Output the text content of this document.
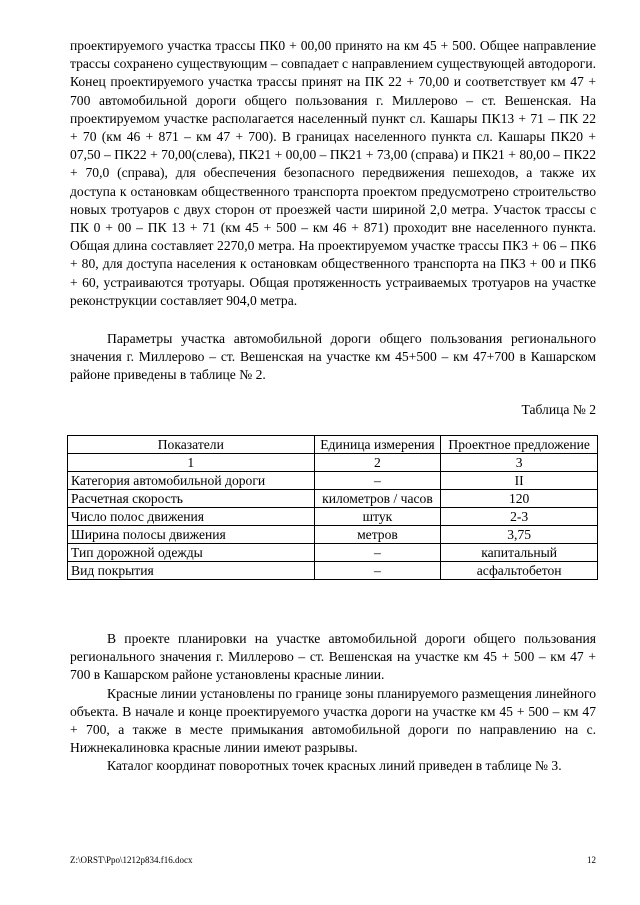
проектируемого участка трассы ПК0 + 00,00 принято на км 45 + 500. Общее направление трассы сохранено существующим – совпадает с направлением существующей автодороги. Конец проектируемого участка трассы принят на ПК 22 + 70,00 и соответствует км 47 + 700 автомобильной дороги общего пользования г. Миллерово – ст. Вешенская. На проектируемом участке располагается населенный пункт сл. Кашары ПК13 + 71 – ПК 22 + 70 (км 46 + 871 – км 47 + 700). В границах населенного пункта сл. Кашары ПК20 + 07,50 – ПК22 + 70,00(слева), ПК21 + 00,00 – ПК21 + 73,00 (справа) и ПК21 + 80,00 – ПК22 + 70,0 (справа), для обеспечения безопасного передвижения пешеходов, а также их доступа к остановкам общественного транспорта проектом предусмотрено строительство новых тротуаров с двух сторон от проезжей части шириной 2,0 метра. Участок трассы с ПК 0 + 00 – ПК 13 + 71 (км 45 + 500 – км 46 + 871) проходит вне населенного пункта. Общая длина составляет 2270,0 метра. На проектируемом участке трассы ПК3 + 06 – ПК6 + 80, для доступа населения к остановкам общественного транспорта на ПК3 + 00 и ПК6 + 60, устраиваются тротуары. Общая протяженность устраиваемых тротуаров на участке реконструкции составляет 904,0 метра.

Параметры участка автомобильной дороги общего пользования регионального значения г. Миллерово – ст. Вешенская на участке км 45+500 – км 47+700 в Кашарском районе приведены в таблице № 2.

Таблица № 2
Показатели	Единица измерения	Проектное предложение
1	2	3
Категория автомобильной дороги	–	II
Расчетная скорость	километров / часов	120
Число полос движения	штук	2-3
Ширина полосы движения	метров	3,75
Тип дорожной одежды	–	капитальный
Вид покрытия	–	асфальтобетон

В проекте планировки на участке автомобильной дороги общего пользования регионального значения г. Миллерово – ст. Вешенская на участке км 45 + 500 – км 47 + 700 в Кашарском районе установлены красные линии.

Красные линии установлены по границе зоны планируемого размещения линейного объекта. В начале и конце проектируемого участка дороги на участке км 45 + 500 – км 47 + 700, а также в месте примыкания автомобильной дороги по направлению на с. Нижнекалиновка красные линии имеют разрывы.

Каталог координат поворотных точек красных линий приведен в таблице № 3.

Z:\ORST\Ppo\1212p834.f16.docx	12
